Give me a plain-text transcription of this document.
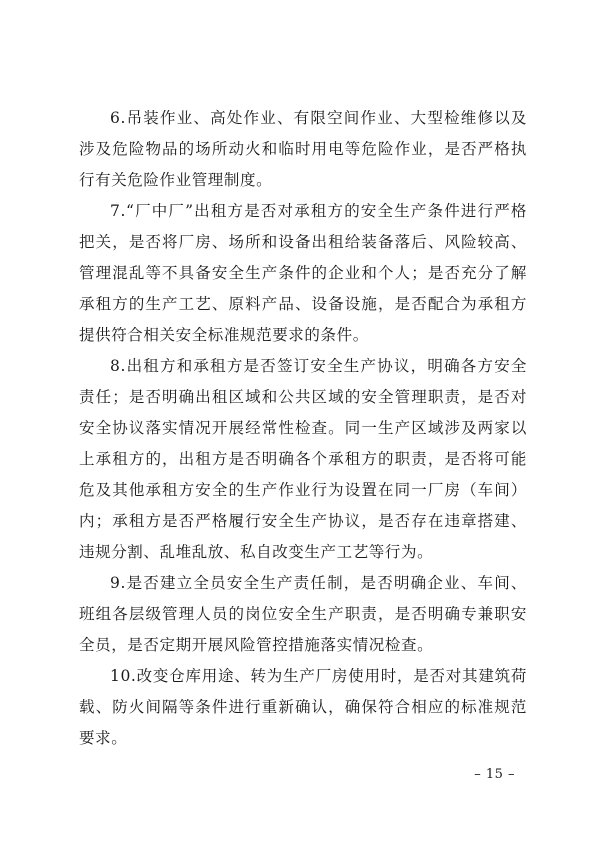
6.吊装作业、高处作业、有限空间作业、大型检维修以及涉及危险物品的场所动火和临时用电等危险作业，是否严格执行有关危险作业管理制度。

7.“厂中厂”出租方是否对承租方的安全生产条件进行严格把关，是否将厂房、场所和设备出租给装备落后、风险较高、管理混乱等不具备安全生产条件的企业和个人；是否充分了解承租方的生产工艺、原料产品、设备设施，是否配合为承租方提供符合相关安全标准规范要求的条件。

8.出租方和承租方是否签订安全生产协议，明确各方安全责任；是否明确出租区域和公共区域的安全管理职责，是否对安全协议落实情况开展经常性检查。同一生产区域涉及两家以上承租方的，出租方是否明确各个承租方的职责，是否将可能危及其他承租方安全的生产作业行为设置在同一厂房（车间）内；承租方是否严格履行安全生产协议，是否存在违章搭建、违规分割、乱堆乱放、私自改变生产工艺等行为。

9.是否建立全员安全生产责任制，是否明确企业、车间、班组各层级管理人员的岗位安全生产职责，是否明确专兼职安全员，是否定期开展风险管控措施落实情况检查。

10.改变仓库用途、转为生产厂房使用时，是否对其建筑荷载、防火间隔等条件进行重新确认，确保符合相应的标准规范要求。

– 15 –
